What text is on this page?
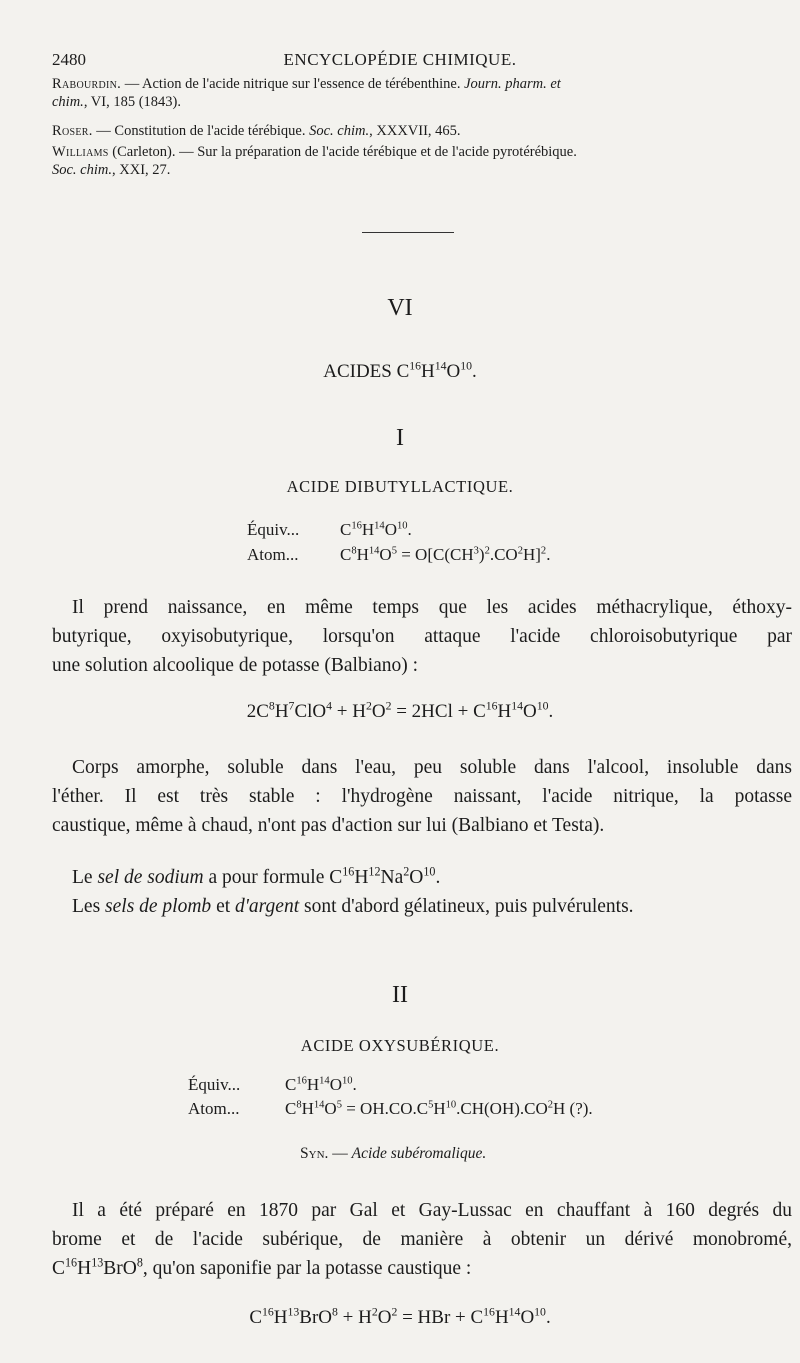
2480	ENCYCLOPÉDIE CHIMIQUE.
Rabourdin. — Action de l'acide nitrique sur l'essence de térébenthine. Journ. pharm. et
chim., VI, 185 (1843).
Roser. — Constitution de l'acide térébique. Soc. chim., XXXVII, 465.
Williams (Carleton). — Sur la préparation de l'acide térébique et de l'acide pyrotérébique.
Soc. chim., XXI, 27.
VI
ACIDES $C^{16}H^{14}O^{10}$.
I
ACIDE DIBUTYLLACTIQUE.
Équiv... $C^{16}H^{14}O^{10}$.
Atom... $C^8H^{14}O^5 = O[C(CH^3)^2.CO^2H]^2$.
Il prend naissance, en même temps que les acides méthacrylique, éthoxy-
butyrique, oxyisobutyrique, lorsqu'on attaque l'acide chloroisobutyrique par
une solution alcoolique de potasse (Balbiano) :
$2C^8H^7ClO^4 + H^2O^2 = 2HCl + C^{16}H^{14}O^{10}$.
Corps amorphe, soluble dans l'eau, peu soluble dans l'alcool, insoluble dans
l'éther. Il est très stable : l'hydrogène naissant, l'acide nitrique, la potasse
caustique, même à chaud, n'ont pas d'action sur lui (Balbiano et Testa).
Le sel de sodium a pour formule $C^{16}H^{12}Na^2O^{10}$.
Les sels de plomb et d'argent sont d'abord gélatineux, puis pulvérulents.
II
ACIDE OXYSUBÉRIQUE.
Équiv...	$C^{16}H^{14}O^{10}$.
Atom...	$C^8H^{14}O^5 = OH.CO.C^5H^{10}.CH(OH).CO^2H$ (?).
Syn. — Acide subéromalique.
Il a été préparé en 1870 par Gal et Gay-Lussac en chauffant à 160 degrés du
brome et de l'acide subérique, de manière à obtenir un dérivé monobromé,
$C^{16}H^{13}BrO^8$, qu'on saponifie par la potasse caustique :
$C^{16}H^{13}BrO^8 + H^2O^2$ = HBr + $C^{16}H^{14}O^{10}$.
